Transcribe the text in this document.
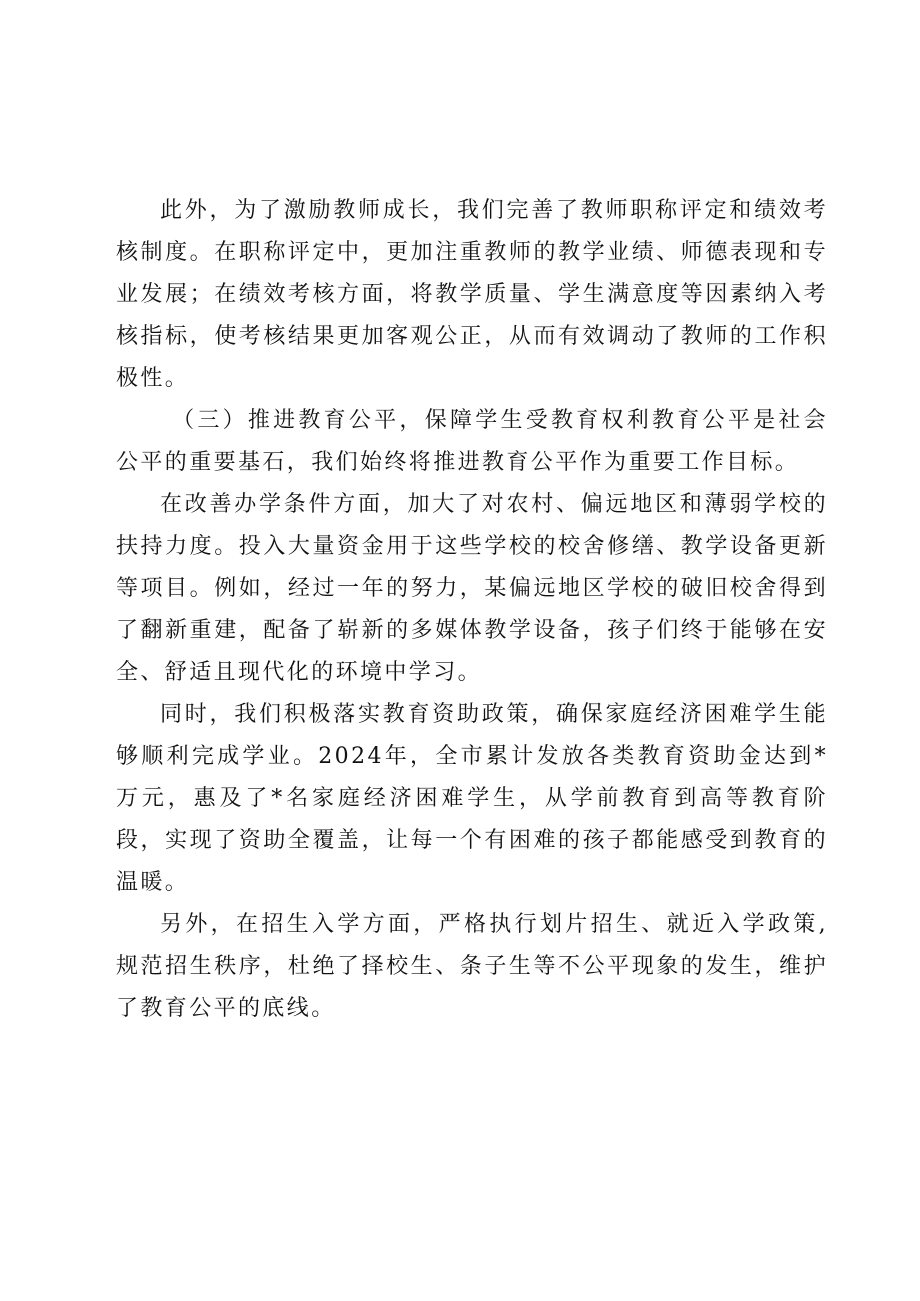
此外，为了激励教师成长，我们完善了教师职称评定和绩效考核制度。在职称评定中，更加注重教师的教学业绩、师德表现和专业发展；在绩效考核方面，将教学质量、学生满意度等因素纳入考核指标，使考核结果更加客观公正，从而有效调动了教师的工作积极性。

（三）推进教育公平，保障学生受教育权利教育公平是社会公平的重要基石，我们始终将推进教育公平作为重要工作目标。

在改善办学条件方面，加大了对农村、偏远地区和薄弱学校的扶持力度。投入大量资金用于这些学校的校舍修缮、教学设备更新等项目。例如，经过一年的努力，某偏远地区学校的破旧校舍得到了翻新重建，配备了崭新的多媒体教学设备，孩子们终于能够在安全、舒适且现代化的环境中学习。

同时，我们积极落实教育资助政策，确保家庭经济困难学生能够顺利完成学业。2024年，全市累计发放各类教育资助金达到*万元，惠及了*名家庭经济困难学生，从学前教育到高等教育阶段，实现了资助全覆盖，让每一个有困难的孩子都能感受到教育的温暖。

另外，在招生入学方面，严格执行划片招生、就近入学政策,规范招生秩序，杜绝了择校生、条子生等不公平现象的发生，维护了教育公平的底线。
